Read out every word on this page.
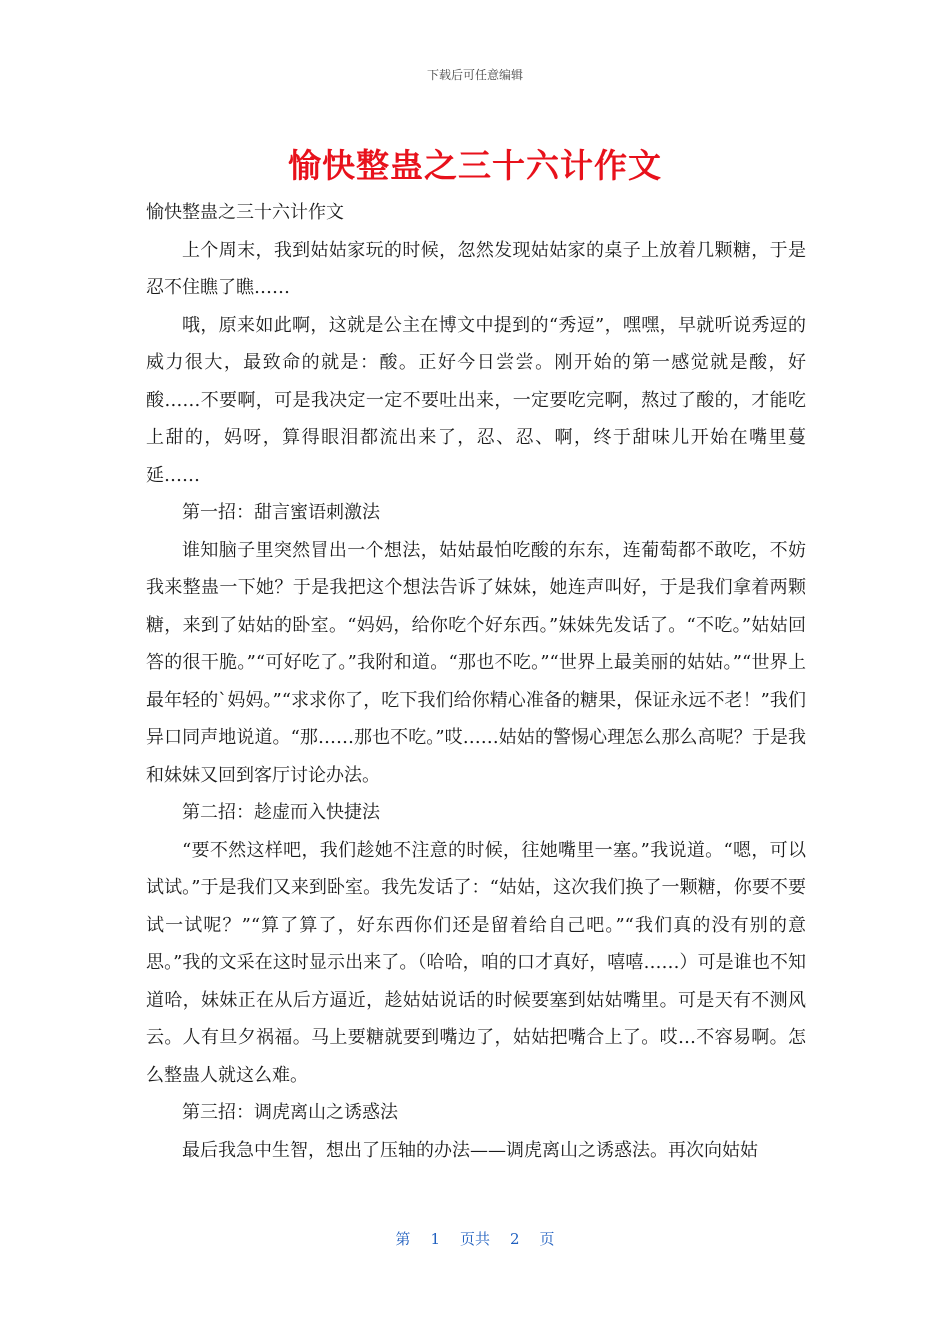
下载后可任意编辑
愉快整蛊之三十六计作文

愉快整蛊之三十六计作文

上个周末，我到姑姑家玩的时候，忽然发现姑姑家的桌子上放着几颗糖，于是忍不住瞧了瞧……

哦，原来如此啊，这就是公主在博文中提到的“秀逗”，嘿嘿，早就听说秀逗的威力很大，最致命的就是：酸。正好今日尝尝。刚开始的第一感觉就是酸，好酸……不要啊，可是我决定一定不要吐出来，一定要吃完啊，熬过了酸的，才能吃上甜的，妈呀，算得眼泪都流出来了，忍、忍、啊，终于甜味儿开始在嘴里蔓延……

第一招：甜言蜜语刺激法

谁知脑子里突然冒出一个想法，姑姑最怕吃酸的东东，连葡萄都不敢吃，不妨我来整蛊一下她？于是我把这个想法告诉了妹妹，她连声叫好，于是我们拿着两颗糖，来到了姑姑的卧室。“妈妈，给你吃个好东西。”妹妹先发话了。“不吃。”姑姑回答的很干脆。”“可好吃了。”我附和道。“那也不吃。”“世界上最美丽的姑姑。”“世界上最年轻的`妈妈。”“求求你了，吃下我们给你精心准备的糖果，保证永远不老！”我们异口同声地说道。“那……那也不吃。”哎……姑姑的警惕心理怎么那么高呢？于是我和妹妹又回到客厅讨论办法。

第二招：趁虚而入快捷法

“要不然这样吧，我们趁她不注意的时候，往她嘴里一塞。”我说道。“嗯，可以试试。”于是我们又来到卧室。我先发话了：“姑姑，这次我们换了一颗糖，你要不要试一试呢？”“算了算了，好东西你们还是留着给自己吧。”“我们真的没有别的意思。”我的文采在这时显示出来了。（哈哈，咱的口才真好，嘻嘻……）可是谁也不知道哈，妹妹正在从后方逼近，趁姑姑说话的时候要塞到姑姑嘴里。可是天有不测风云。人有旦夕祸福。马上要糖就要到嘴边了，姑姑把嘴合上了。哎…不容易啊。怎么整蛊人就这么难。

第三招：调虎离山之诱惑法

最后我急中生智，想出了压轴的办法——调虎离山之诱惑法。再次向姑姑

第 1 页共 2 页
